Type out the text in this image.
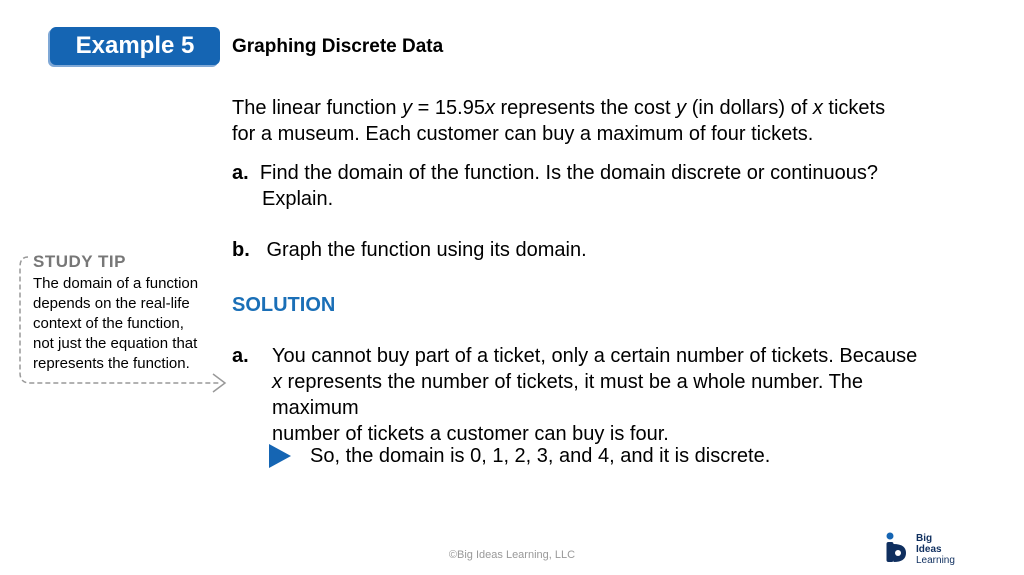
Example 5 Graphing Discrete Data
The linear function y = 15.95x represents the cost y (in dollars) of x tickets
for a museum. Each customer can buy a maximum of four tickets.
a. Find the domain of the function. Is the domain discrete or continuous?
Explain.
b. Graph the function using its domain.
SOLUTION
a. You cannot buy part of a ticket, only a certain number of tickets. Because
x represents the number of tickets, it must be a whole number. The
maximum
number of tickets a customer can buy is four.
So, the domain is 0, 1, 2, 3, and 4, and it is discrete.
STUDY TIP
The domain of a function
depends on the real-life
context of the function,
not just the equation that
represents the function.
©Big Ideas Learning, LLC
Big
Ideas
Learning
